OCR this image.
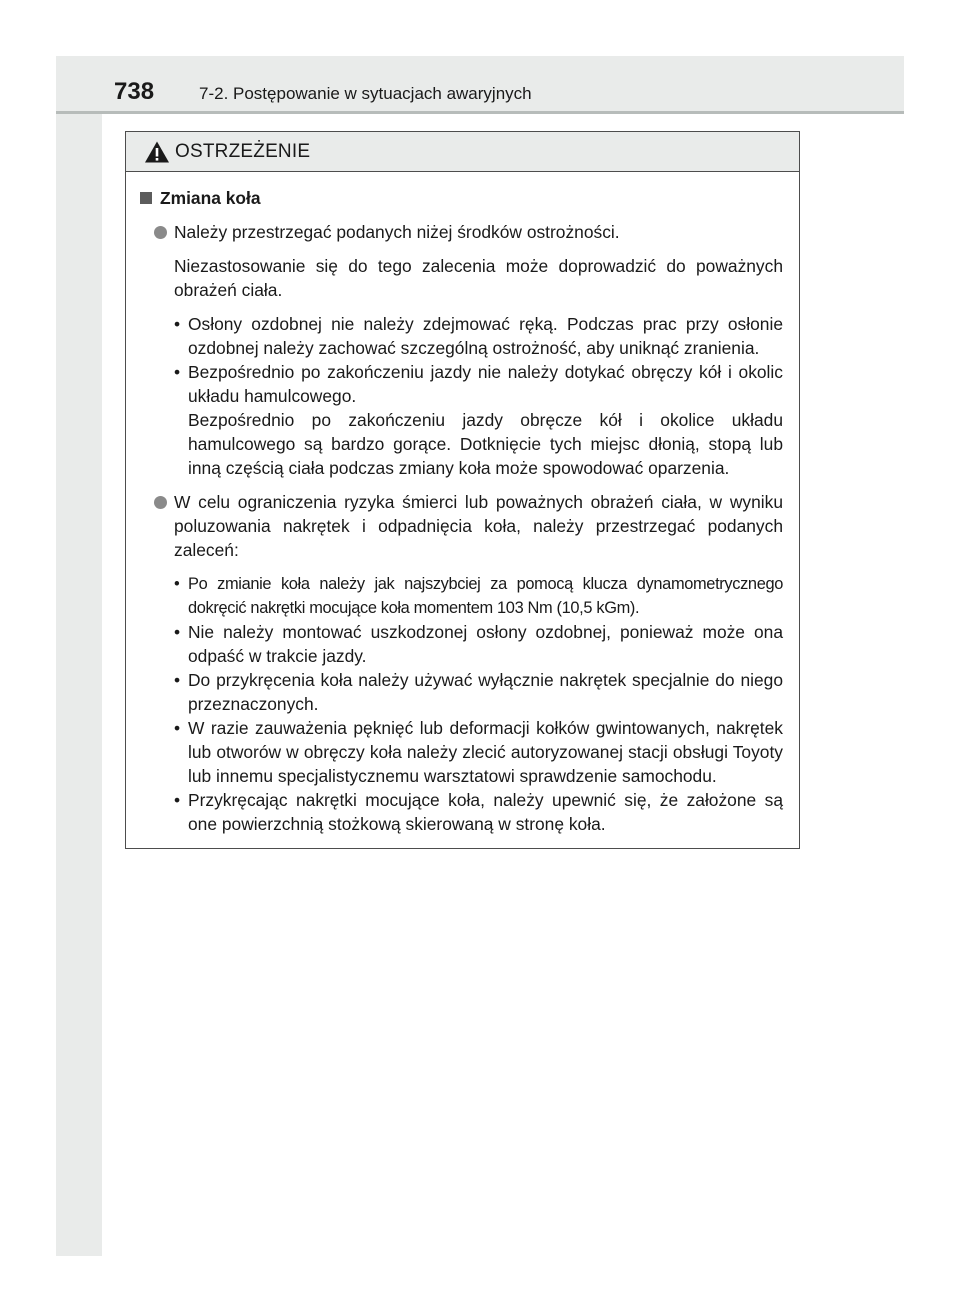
738	7-2. Postępowanie w sytuacjach awaryjnych
OSTRZEŻENIE
Zmiana koła
Należy przestrzegać podanych niżej środków ostrożności.
Niezastosowanie się do tego zalecenia może doprowadzić do poważnych obrażeń ciała.
• Osłony ozdobnej nie należy zdejmować ręką. Podczas prac przy osłonie ozdobnej należy zachować szczególną ostrożność, aby uniknąć zranienia.
• Bezpośrednio po zakończeniu jazdy nie należy dotykać obręczy kół i okolic układu hamulcowego.
Bezpośrednio po zakończeniu jazdy obręcze kół i okolice układu hamulcowego są bardzo gorące. Dotknięcie tych miejsc dłonią, stopą lub inną częścią ciała podczas zmiany koła może spowodować oparzenia.
W celu ograniczenia ryzyka śmierci lub poważnych obrażeń ciała, w wyniku poluzowania nakrętek i odpadnięcia koła, należy przestrzegać podanych zaleceń:
• Po zmianie koła należy jak najszybciej za pomocą klucza dynamometrycznego dokręcić nakrętki mocujące koła momentem 103 Nm (10,5 kGm).
• Nie należy montować uszkodzonej osłony ozdobnej, ponieważ może ona odpaść w trakcie jazdy.
• Do przykręcenia koła należy używać wyłącznie nakrętek specjalnie do niego przeznaczonych.
• W razie zauważenia pęknięć lub deformacji kołków gwintowanych, nakrętek lub otworów w obręczy koła należy zlecić autoryzowanej stacji obsługi Toyoty lub innemu specjalistycznemu warsztatowi sprawdzenie samochodu.
• Przykręcając nakrętki mocujące koła, należy upewnić się, że założone są one powierzchnią stożkową skierowaną w stronę koła.
